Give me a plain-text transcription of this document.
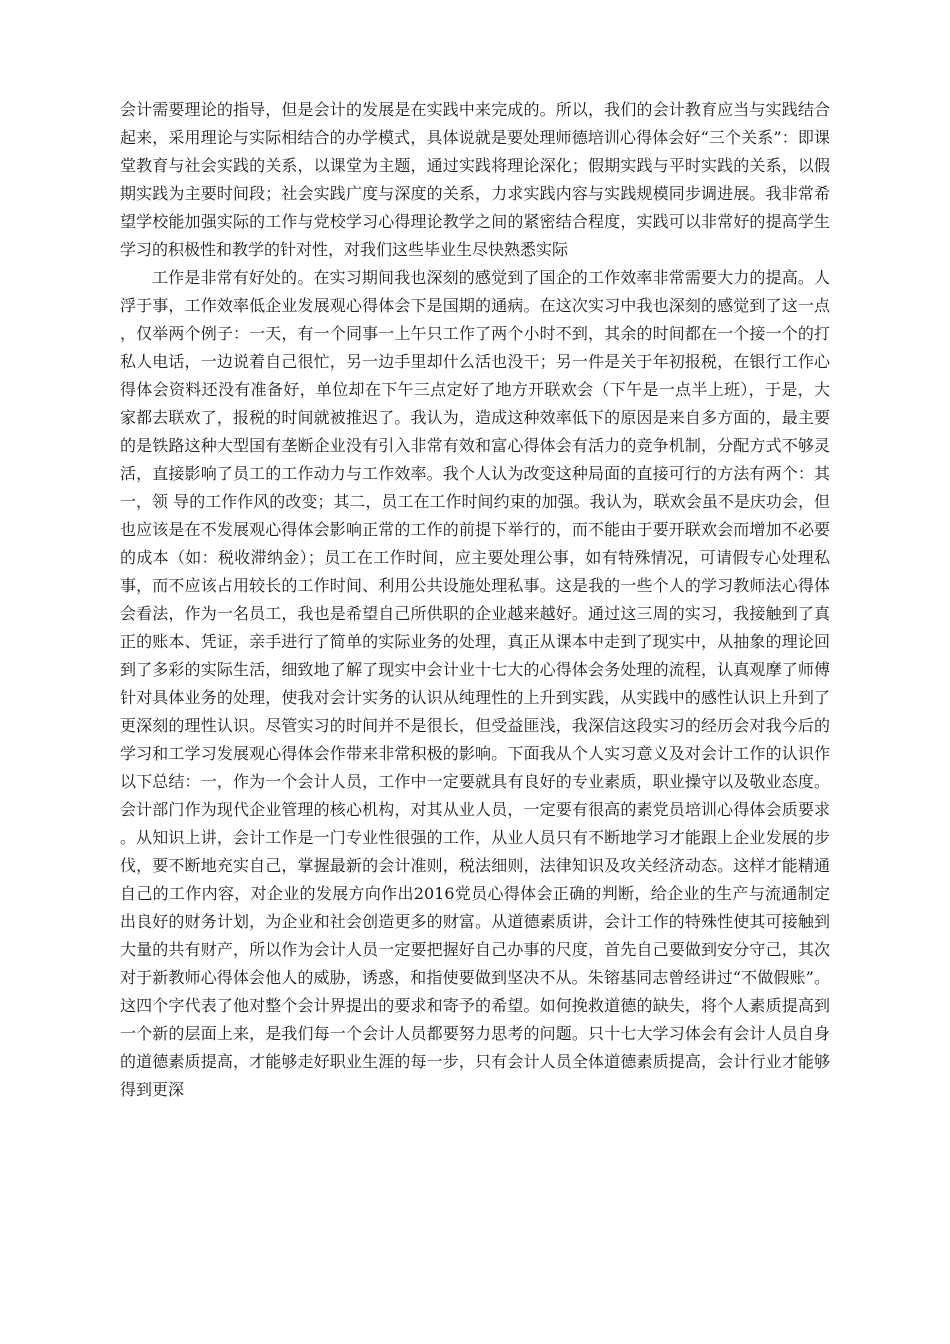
会计需要理论的指导，但是会计的发展是在实践中来完成的。所以，我们的会计教育应当与实践结合起来，采用理论与实际相结合的办学模式，具体说就是要处理师德培训心得体会好“三个关系”：即课堂教育与社会实践的关系，以课堂为主题，通过实践将理论深化；假期实践与平时实践的关系，以假期实践为主要时间段；社会实践广度与深度的关系，力求实践内容与实践规模同步调进展。我非常希望学校能加强实际的工作与党校学习心得理论教学之间的紧密结合程度，实践可以非常好的提高学生学习的积极性和教学的针对性，对我们这些毕业生尽快熟悉实际

工作是非常有好处的。在实习期间我也深刻的感觉到了国企的工作效率非常需要大力的提高。人浮于事，工作效率低企业发展观心得体会下是国期的通病。在这次实习中我也深刻的感觉到了这一点，仅举两个例子：一天，有一个同事一上午只工作了两个小时不到，其余的时间都在一个接一个的打私人电话，一边说着自己很忙，另一边手里却什么活也没干；另一件是关于年初报税，在银行工作心得体会资料还没有准备好，单位却在下午三点定好了地方开联欢会（下午是一点半上班），于是，大家都去联欢了，报税的时间就被推迟了。我认为，造成这种效率低下的原因是来自多方面的，最主要的是铁路这种大型国有垄断企业没有引入非常有效和富心得体会有活力的竞争机制，分配方式不够灵活，直接影响了员工的工作动力与工作效率。我个人认为改变这种局面的直接可行的方法有两个：其一，领 导的工作作风的改变；其二，员工在工作时间约束的加强。我认为，联欢会虽不是庆功会，但也应该是在不发展观心得体会影响正常的工作的前提下举行的，而不能由于要开联欢会而增加不必要的成本（如：税收滞纳金）；员工在工作时间，应主要处理公事，如有特殊情况，可请假专心处理私事，而不应该占用较长的工作时间、利用公共设施处理私事。这是我的一些个人的学习教师法心得体会看法，作为一名员工，我也是希望自己所供职的企业越来越好。通过这三周的实习，我接触到了真正的账本、凭证，亲手进行了简单的实际业务的处理，真正从课本中走到了现实中，从抽象的理论回到了多彩的实际生活，细致地了解了现实中会计业十七大的心得体会务处理的流程，认真观摩了师傅针对具体业务的处理，使我对会计实务的认识从纯理性的上升到实践，从实践中的感性认识上升到了更深刻的理性认识。尽管实习的时间并不是很长，但受益匪浅，我深信这段实习的经历会对我今后的学习和工学习发展观心得体会作带来非常积极的影响。下面我从个人实习意义及对会计工作的认识作以下总结：一，作为一个会计人员，工作中一定要就具有良好的专业素质，职业操守以及敬业态度。会计部门作为现代企业管理的核心机构，对其从业人员，一定要有很高的素党员培训心得体会质要求。从知识上讲，会计工作是一门专业性很强的工作，从业人员只有不断地学习才能跟上企业发展的步伐，要不断地充实自己，掌握最新的会计准则，税法细则，法律知识及攻关经济动态。这样才能精通自己的工作内容，对企业的发展方向作出2016党员心得体会正确的判断，给企业的生产与流通制定出良好的财务计划，为企业和社会创造更多的财富。从道德素质讲，会计工作的特殊性使其可接触到大量的共有财产，所以作为会计人员一定要把握好自己办事的尺度，首先自己要做到安分守己，其次对于新教师心得体会他人的威胁，诱惑，和指使要做到坚决不从。朱镕基同志曾经讲过“不做假账”。这四个字代表了他对整个会计界提出的要求和寄予的希望。如何挽救道德的缺失，将个人素质提高到一个新的层面上来，是我们每一个会计人员都要努力思考的问题。只十七大学习体会有会计人员自身的道德素质提高，才能够走好职业生涯的每一步，只有会计人员全体道德素质提高，会计行业才能够得到更深
